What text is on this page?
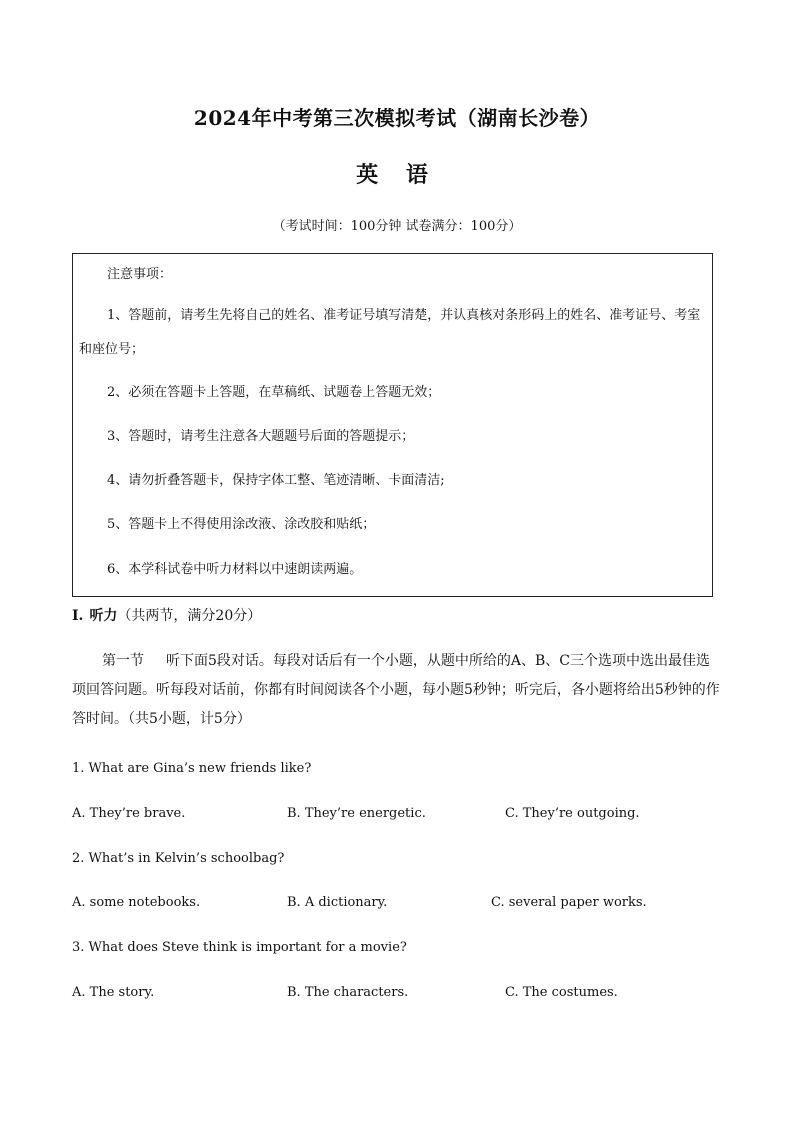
2024年中考第三次模拟考试（湖南长沙卷）
英 语
（考试时间：100分钟 试卷满分：100分）
注意事项：
1、答题前，请考生先将自己的姓名、准考证号填写清楚，并认真核对条形码上的姓名、准考证号、考室和座位号；
2、必须在答题卡上答题，在草稿纸、试题卷上答题无效；
3、答题时，请考生注意各大题题号后面的答题提示；
4、请勿折叠答题卡，保持字体工整、笔迹清晰、卡面清洁;
5、答题卡上不得使用涂改液、涂改胶和贴纸；
6、本学科试卷中听力材料以中速朗读两遍。
I. 听力（共两节，满分20分）
第一节 听下面5段对话。每段对话后有一个小题，从题中所给的A、B、C三个选项中选出最佳选项回答问题。听每段对话前，你都有时间阅读各个小题，每小题5秒钟；听完后，各小题将给出5秒钟的作答时间。（共5小题，计5分）
1. What are Gina’s new friends like?
A. They’re brave.	B. They’re energetic.	C. They’re outgoing.
2. What’s in Kelvin’s schoolbag?
A. some notebooks.	B. A dictionary.	C. several paper works.
3. What does Steve think is important for a movie?
A. The story.	B. The characters.	C. The costumes.
